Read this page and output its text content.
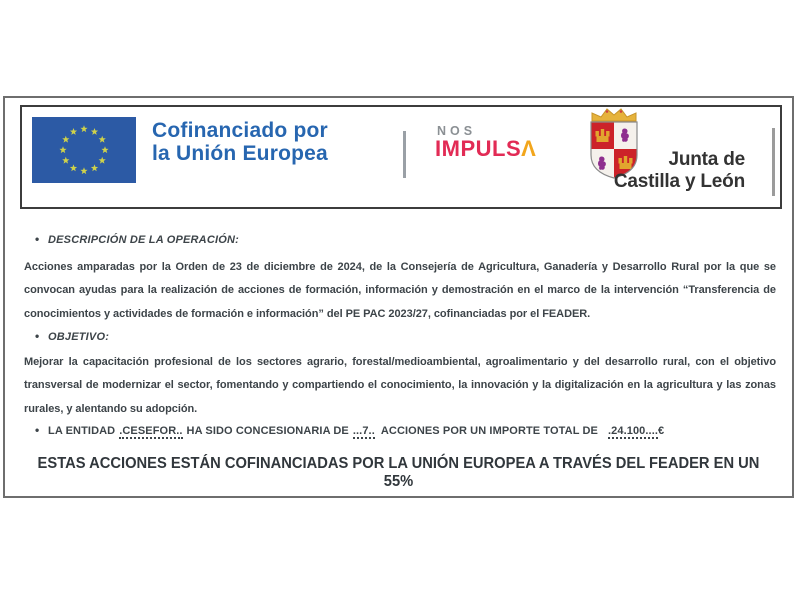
Cofinanciado por
la Unión Europea
NOS
IMPULSΛ	Junta de
Castilla y León
• DESCRIPCIÓN DE LA OPERACIÓN:
Acciones amparadas por la Orden de 23 de diciembre de 2024, de la Consejería de Agricultura, Ganadería y Desarrollo Rural por la que se convocan ayudas para la realización de acciones de formación, información y demostración en el marco de la intervención “Transferencia de conocimientos y actividades de formación e información” del PE PAC 2023/27, cofinanciadas por el FEADER.
• OBJETIVO:
Mejorar la capacitación profesional de los sectores agrario, forestal/medioambiental, agroalimentario y del desarrollo rural, con el objetivo transversal de modernizar el sector, fomentando y compartiendo el conocimiento, la innovación y la digitalización en la agricultura y las zonas rurales, y alentando su adopción.
• LA ENTIDAD .CESEFOR.. HA SIDO CONCESIONARIA DE ...7.. ACCIONES POR UN IMPORTE TOTAL DE .24.100....€
ESTAS ACCIONES ESTÁN COFINANCIADAS POR LA UNIÓN EUROPEA A TRAVÉS DEL FEADER EN UN 55%
